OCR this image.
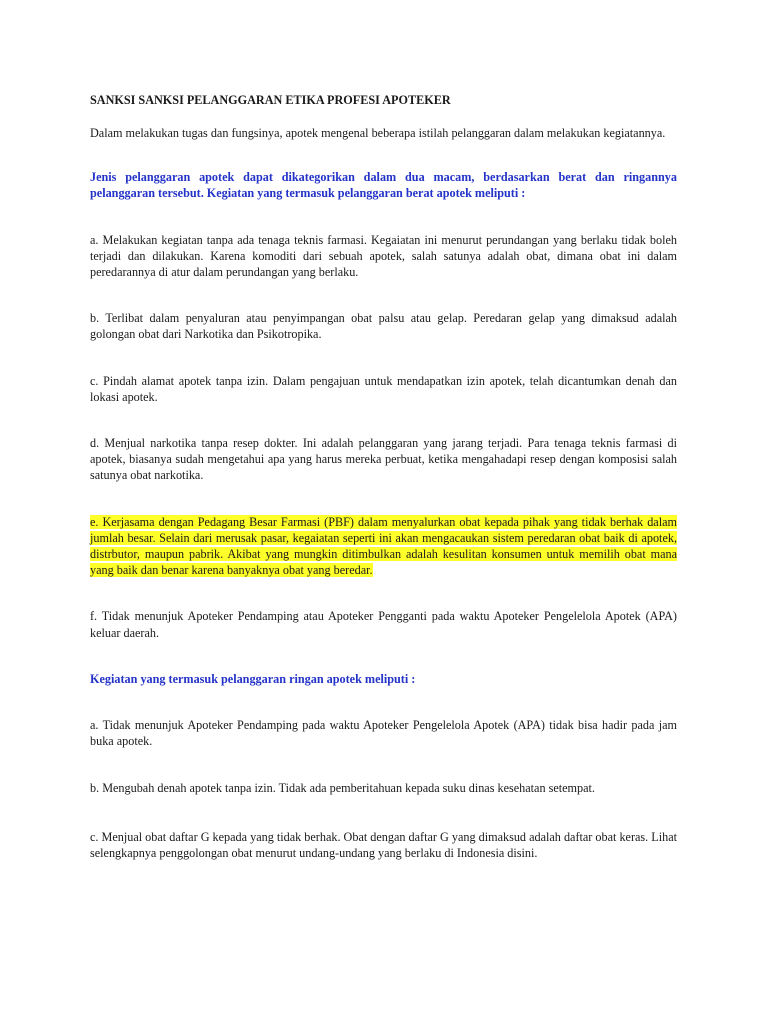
SANKSI SANKSI PELANGGARAN ETIKA PROFESI APOTEKER

Dalam melakukan tugas dan fungsinya, apotek mengenal beberapa istilah pelanggaran dalam melakukan kegiatannya.

Jenis pelanggaran apotek dapat dikategorikan dalam dua macam, berdasarkan berat dan ringannya pelanggaran tersebut. Kegiatan yang termasuk pelanggaran berat apotek meliputi :

a. Melakukan kegiatan tanpa ada tenaga teknis farmasi. Kegaiatan ini menurut perundangan yang berlaku tidak boleh terjadi dan dilakukan. Karena komoditi dari sebuah apotek, salah satunya adalah obat, dimana obat ini dalam peredarannya di atur dalam perundangan yang berlaku.

b. Terlibat dalam penyaluran atau penyimpangan obat palsu atau gelap. Peredaran gelap yang dimaksud adalah golongan obat dari Narkotika dan Psikotropika.

c. Pindah alamat apotek tanpa izin. Dalam pengajuan untuk mendapatkan izin apotek, telah dicantumkan denah dan lokasi apotek.

d. Menjual narkotika tanpa resep dokter. Ini adalah pelanggaran yang jarang terjadi. Para tenaga teknis farmasi di apotek, biasanya sudah mengetahui apa yang harus mereka perbuat, ketika mengahadapi resep dengan komposisi salah satunya obat narkotika.

e. Kerjasama dengan Pedagang Besar Farmasi (PBF) dalam menyalurkan obat kepada pihak yang tidak berhak dalam jumlah besar. Selain dari merusak pasar, kegaiatan seperti ini akan mengacaukan sistem peredaran obat baik di apotek, distrbutor, maupun pabrik. Akibat yang mungkin ditimbulkan adalah kesulitan konsumen untuk memilih obat mana yang baik dan benar karena banyaknya obat yang beredar.

f. Tidak menunjuk Apoteker Pendamping atau Apoteker Pengganti pada waktu Apoteker Pengelelola Apotek (APA) keluar daerah.

Kegiatan yang termasuk pelanggaran ringan apotek meliputi :

a. Tidak menunjuk Apoteker Pendamping pada waktu Apoteker Pengelelola Apotek (APA) tidak bisa hadir pada jam buka apotek.

b. Mengubah denah apotek tanpa izin. Tidak ada pemberitahuan kepada suku dinas kesehatan setempat.

c. Menjual obat daftar G kepada yang tidak berhak. Obat dengan daftar G yang dimaksud adalah daftar obat keras. Lihat selengkapnya penggolongan obat menurut undang-undang yang berlaku di Indonesia disini.
